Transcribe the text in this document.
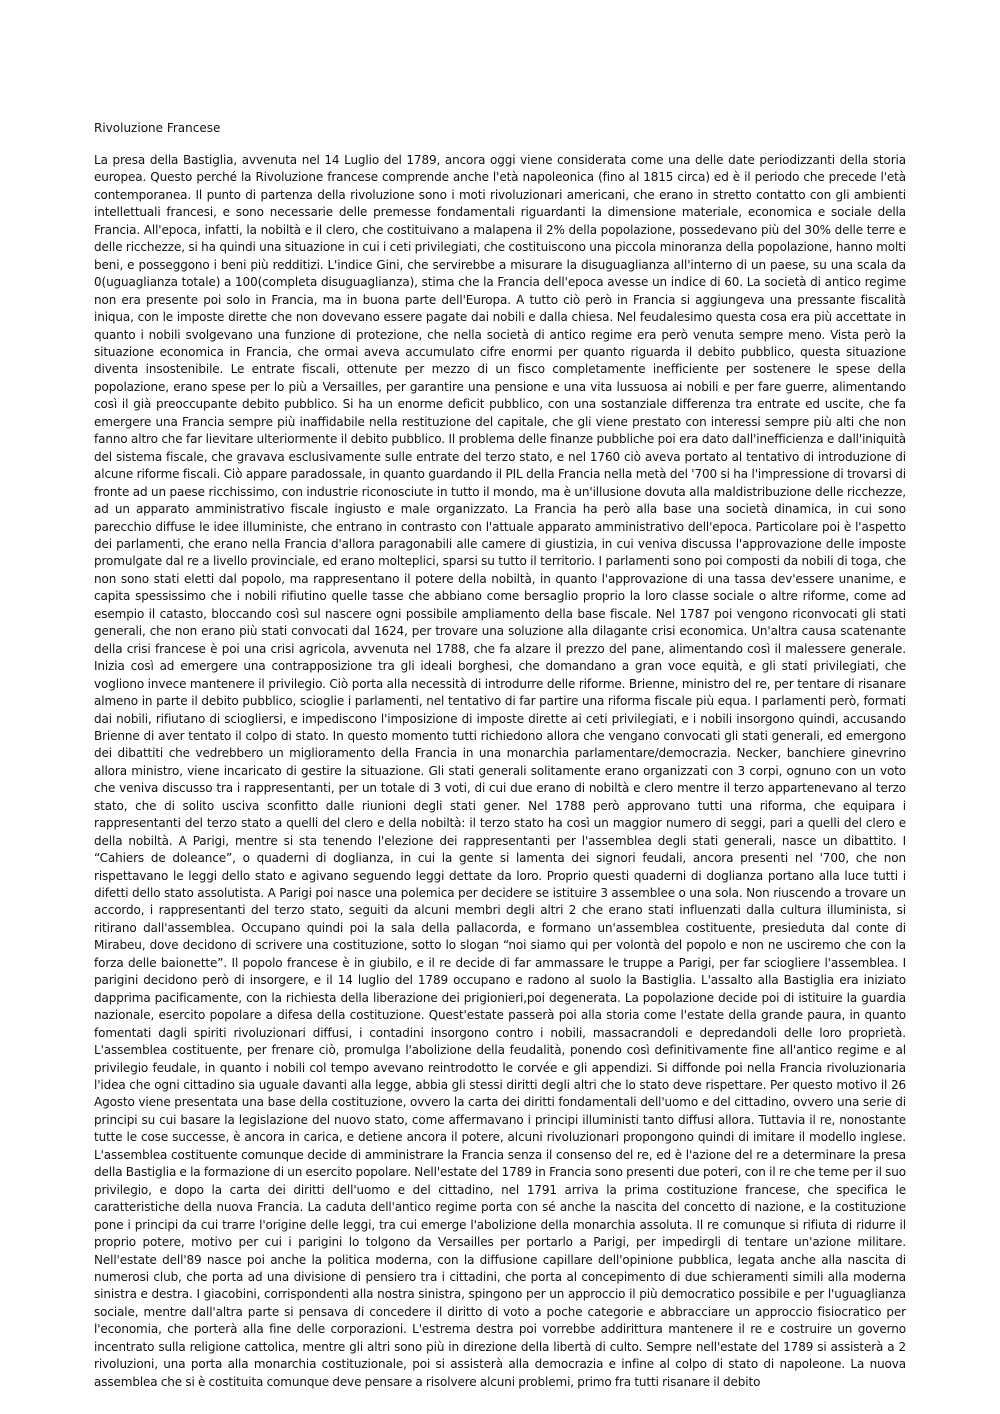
Rivoluzione Francese

La presa della Bastiglia, avvenuta nel 14 Luglio del 1789, ancora oggi viene considerata come una delle date periodizzanti della storia europea. Questo perché la Rivoluzione francese comprende anche l'età napoleonica (fino al 1815 circa) ed è il periodo che precede l'età contemporanea. Il punto di partenza della rivoluzione sono i moti rivoluzionari americani, che erano in stretto contatto con gli ambienti intellettuali francesi, e sono necessarie delle premesse fondamentali riguardanti la dimensione materiale, economica e sociale della Francia. All'epoca, infatti, la nobiltà e il clero, che costituivano a malapena il 2% della popolazione, possedevano più del 30% delle terre e delle ricchezze, si ha quindi una situazione in cui i ceti privilegiati, che costituiscono una piccola minoranza della popolazione, hanno molti beni, e posseggono i beni più redditizi. L'indice Gini, che servirebbe a misurare la disuguaglianza all'interno di un paese, su una scala da 0(uguaglianza totale) a 100(completa disuguaglianza), stima che la Francia dell'epoca avesse un indice di 60. La società di antico regime non era presente poi solo in Francia, ma in buona parte dell'Europa. A tutto ciò però in Francia si aggiungeva una pressante fiscalità iniqua, con le imposte dirette che non dovevano essere pagate dai nobili e dalla chiesa. Nel feudalesimo questa cosa era più accettate in quanto i nobili svolgevano una funzione di protezione, che nella società di antico regime era però venuta sempre meno. Vista però la situazione economica in Francia, che ormai aveva accumulato cifre enormi per quanto riguarda il debito pubblico, questa situazione diventa insostenibile. Le entrate fiscali, ottenute per mezzo di un fisco completamente inefficiente per sostenere le spese della popolazione, erano spese per lo più a Versailles, per garantire una pensione e una vita lussuosa ai nobili e per fare guerre, alimentando così il già preoccupante debito pubblico. Si ha un enorme deficit pubblico, con una sostanziale differenza tra entrate ed uscite, che fa emergere una Francia sempre più inaffidabile nella restituzione del capitale, che gli viene prestato con interessi sempre più alti che non fanno altro che far lievitare ulteriormente il debito pubblico. Il problema delle finanze pubbliche poi era dato dall'inefficienza e dall'iniquità del sistema fiscale, che gravava esclusivamente sulle entrate del terzo stato, e nel 1760 ciò aveva portato al tentativo di introduzione di alcune riforme fiscali. Ciò appare paradossale, in quanto guardando il PIL della Francia nella metà del '700 si ha l'impressione di trovarsi di fronte ad un paese ricchissimo, con industrie riconosciute in tutto il mondo, ma è un'illusione dovuta alla maldistribuzione delle ricchezze, ad un apparato amministrativo fiscale ingiusto e male organizzato. La Francia ha però alla base una società dinamica, in cui sono parecchio diffuse le idee illuministe, che entrano in contrasto con l'attuale apparato amministrativo dell'epoca. Particolare poi è l'aspetto dei parlamenti, che erano nella Francia d'allora paragonabili alle camere di giustizia, in cui veniva discussa l'approvazione delle imposte promulgate dal re a livello provinciale, ed erano molteplici, sparsi su tutto il territorio. I parlamenti sono poi composti da nobili di toga, che non sono stati eletti dal popolo, ma rappresentano il potere della nobiltà, in quanto l'approvazione di una tassa dev'essere unanime, e capita spessissimo che i nobili rifiutino quelle tasse che abbiano come bersaglio proprio la loro classe sociale o altre riforme, come ad esempio il catasto, bloccando così sul nascere ogni possibile ampliamento della base fiscale. Nel 1787 poi vengono riconvocati gli stati generali, che non erano più stati convocati dal 1624, per trovare una soluzione alla dilagante crisi economica. Un'altra causa scatenante della crisi francese è poi una crisi agricola, avvenuta nel 1788, che fa alzare il prezzo del pane, alimentando così il malessere generale. Inizia così ad emergere una contrapposizione tra gli ideali borghesi, che domandano a gran voce equità, e gli stati privilegiati, che vogliono invece mantenere il privilegio. Ciò porta alla necessità di introdurre delle riforme. Brienne, ministro del re, per tentare di risanare almeno in parte il debito pubblico, scioglie i parlamenti, nel tentativo di far partire una riforma fiscale più equa. I parlamenti però, formati dai nobili, rifiutano di sciogliersi, e impediscono l'imposizione di imposte dirette ai ceti privilegiati, e i nobili insorgono quindi, accusando Brienne di aver tentato il colpo di stato. In questo momento tutti richiedono allora che vengano convocati gli stati generali, ed emergono dei dibattiti che vedrebbero un miglioramento della Francia in una monarchia parlamentare/democrazia. Necker, banchiere ginevrino allora ministro, viene incaricato di gestire la situazione. Gli stati generali solitamente erano organizzati con 3 corpi, ognuno con un voto che veniva discusso tra i rappresentanti, per un totale di 3 voti, di cui due erano di nobiltà e clero mentre il terzo appartenevano al terzo stato, che di solito usciva sconfitto dalle riunioni degli stati gener. Nel 1788 però approvano tutti una riforma, che equipara i rappresentanti del terzo stato a quelli del clero e della nobiltà: il terzo stato ha così un maggior numero di seggi, pari a quelli del clero e della nobiltà. A Parigi, mentre si sta tenendo l'elezione dei rappresentanti per l'assemblea degli stati generali, nasce un dibattito. I “Cahiers de doleance”, o quaderni di doglianza, in cui la gente si lamenta dei signori feudali, ancora presenti nel '700, che non rispettavano le leggi dello stato e agivano seguendo leggi dettate da loro. Proprio questi quaderni di doglianza portano alla luce tutti i difetti dello stato assolutista. A Parigi poi nasce una polemica per decidere se istituire 3 assemblee o una sola. Non riuscendo a trovare un accordo, i rappresentanti del terzo stato, seguiti da alcuni membri degli altri 2 che erano stati influenzati dalla cultura illuminista, si ritirano dall'assemblea. Occupano quindi poi la sala della pallacorda, e formano un'assemblea costituente, presieduta dal conte di Mirabeu, dove decidono di scrivere una costituzione, sotto lo slogan “noi siamo qui per volontà del popolo e non ne usciremo che con la forza delle baionette”. Il popolo francese è in giubilo, e il re decide di far ammassare le truppe a Parigi, per far sciogliere l'assemblea. I parigini decidono però di insorgere, e il 14 luglio del 1789 occupano e radono al suolo la Bastiglia. L'assalto alla Bastiglia era iniziato dapprima pacificamente, con la richiesta della liberazione dei prigionieri,poi degenerata. La popolazione decide poi di istituire la guardia nazionale, esercito popolare a difesa della costituzione. Quest'estate passerà poi alla storia come l'estate della grande paura, in quanto fomentati dagli spiriti rivoluzionari diffusi, i contadini insorgono contro i nobili, massacrandoli e depredandoli delle loro proprietà. L'assemblea costituente, per frenare ciò, promulga l'abolizione della feudalità, ponendo così definitivamente fine all'antico regime e al privilegio feudale, in quanto i nobili col tempo avevano reintrodotto le corvée e gli appendizi. Si diffonde poi nella Francia rivoluzionaria l'idea che ogni cittadino sia uguale davanti alla legge, abbia gli stessi diritti degli altri che lo stato deve rispettare. Per questo motivo il 26 Agosto viene presentata una base della costituzione, ovvero la carta dei diritti fondamentali dell'uomo e del cittadino, ovvero una serie di principi su cui basare la legislazione del nuovo stato, come affermavano i principi illuministi tanto diffusi allora. Tuttavia il re, nonostante tutte le cose successe, è ancora in carica, e detiene ancora il potere, alcuni rivoluzionari propongono quindi di imitare il modello inglese. L'assemblea costituente comunque decide di amministrare la Francia senza il consenso del re, ed è l'azione del re a determinare la presa della Bastiglia e la formazione di un esercito popolare. Nell'estate del 1789 in Francia sono presenti due poteri, con il re che teme per il suo privilegio, e dopo la carta dei diritti dell'uomo e del cittadino, nel 1791 arriva la prima costituzione francese, che specifica le caratteristiche della nuova Francia. La caduta dell'antico regime porta con sé anche la nascita del concetto di nazione, e la costituzione pone i principi da cui trarre l'origine delle leggi, tra cui emerge l'abolizione della monarchia assoluta. Il re comunque si rifiuta di ridurre il proprio potere, motivo per cui i parigini lo tolgono da Versailles per portarlo a Parigi, per impedirgli di tentare un'azione militare. Nell'estate dell'89 nasce poi anche la politica moderna, con la diffusione capillare dell'opinione pubblica, legata anche alla nascita di numerosi club, che porta ad una divisione di pensiero tra i cittadini, che porta al concepimento di due schieramenti simili alla moderna sinistra e destra. I giacobini, corrispondenti alla nostra sinistra, spingono per un approccio il più democratico possibile e per l'uguaglianza sociale, mentre dall'altra parte si pensava di concedere il diritto di voto a poche categorie e abbracciare un approccio fisiocratico per l'economia, che porterà alla fine delle corporazioni. L'estrema destra poi vorrebbe addirittura mantenere il re e costruire un governo incentrato sulla religione cattolica, mentre gli altri sono più in direzione della libertà di culto. Sempre nell'estate del 1789 si assisterà a 2 rivoluzioni, una porta alla monarchia costituzionale, poi si assisterà alla democrazia e infine al colpo di stato di napoleone. La nuova assemblea che si è costituita comunque deve pensare a risolvere alcuni problemi, primo fra tutti risanare il debito
